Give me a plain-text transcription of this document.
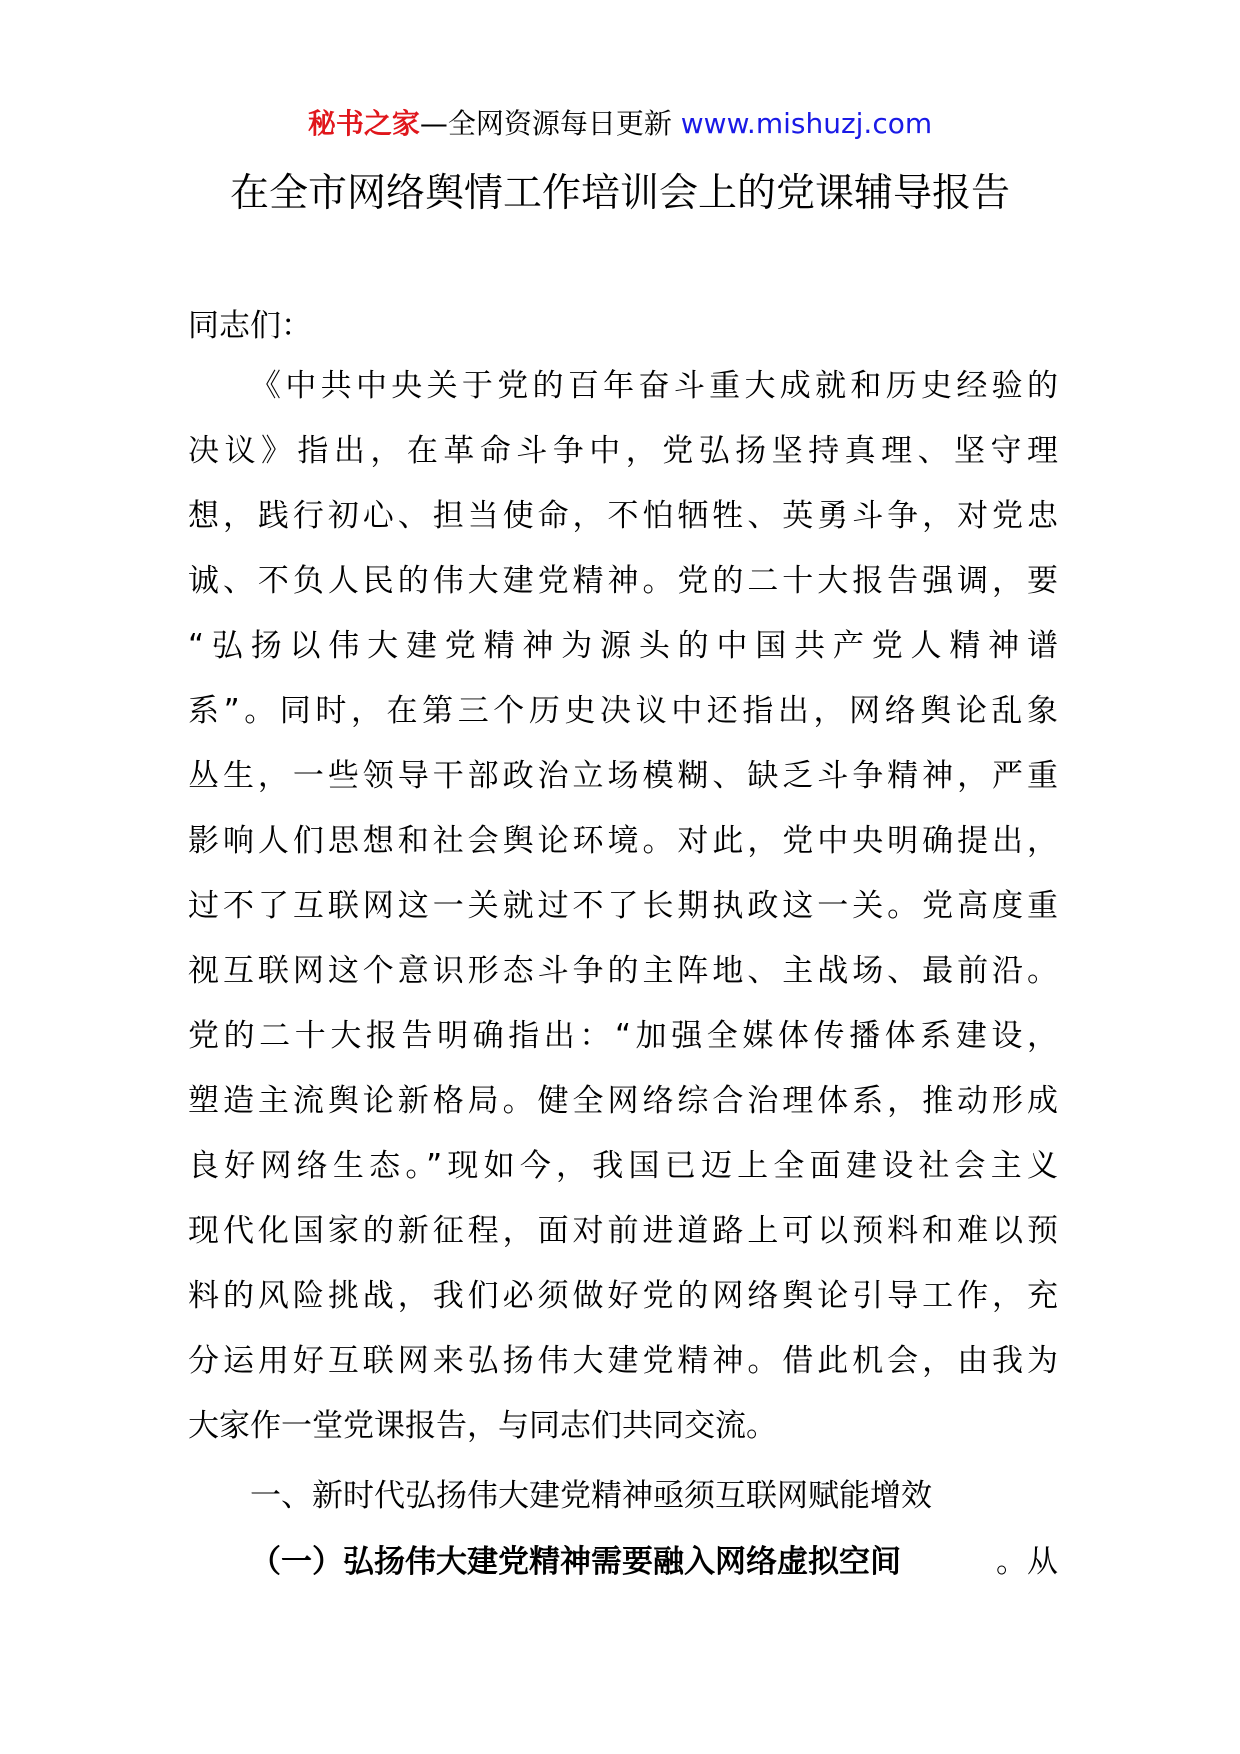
秘书之家—全网资源每日更新 www.mishuzj.com
在全市网络舆情工作培训会上的党课辅导报告
同志们：
《中共中央关于党的百年奋斗重大成就和历史经验的
决议》指出，在革命斗争中，党弘扬坚持真理、坚守理
想，践行初心、担当使命，不怕牺牲、英勇斗争，对党忠
诚、不负人民的伟大建党精神。党的二十大报告强调，要
“弘扬以伟大建党精神为源头的中国共产党人精神谱
系”。同时，在第三个历史决议中还指出，网络舆论乱象
丛生，一些领导干部政治立场模糊、缺乏斗争精神，严重
影响人们思想和社会舆论环境。对此，党中央明确提出，
过不了互联网这一关就过不了长期执政这一关。党高度重
视互联网这个意识形态斗争的主阵地、主战场、最前沿。
党的二十大报告明确指出：“加强全媒体传播体系建设，
塑造主流舆论新格局。健全网络综合治理体系，推动形成
良好网络生态。”现如今，我国已迈上全面建设社会主义
现代化国家的新征程，面对前进道路上可以预料和难以预
料的风险挑战，我们必须做好党的网络舆论引导工作，充
分运用好互联网来弘扬伟大建党精神。借此机会，由我为
大家作一堂党课报告，与同志们共同交流。
一、新时代弘扬伟大建党精神亟须互联网赋能增效
（一）弘扬伟大建党精神需要融入网络虚拟空间	。从
